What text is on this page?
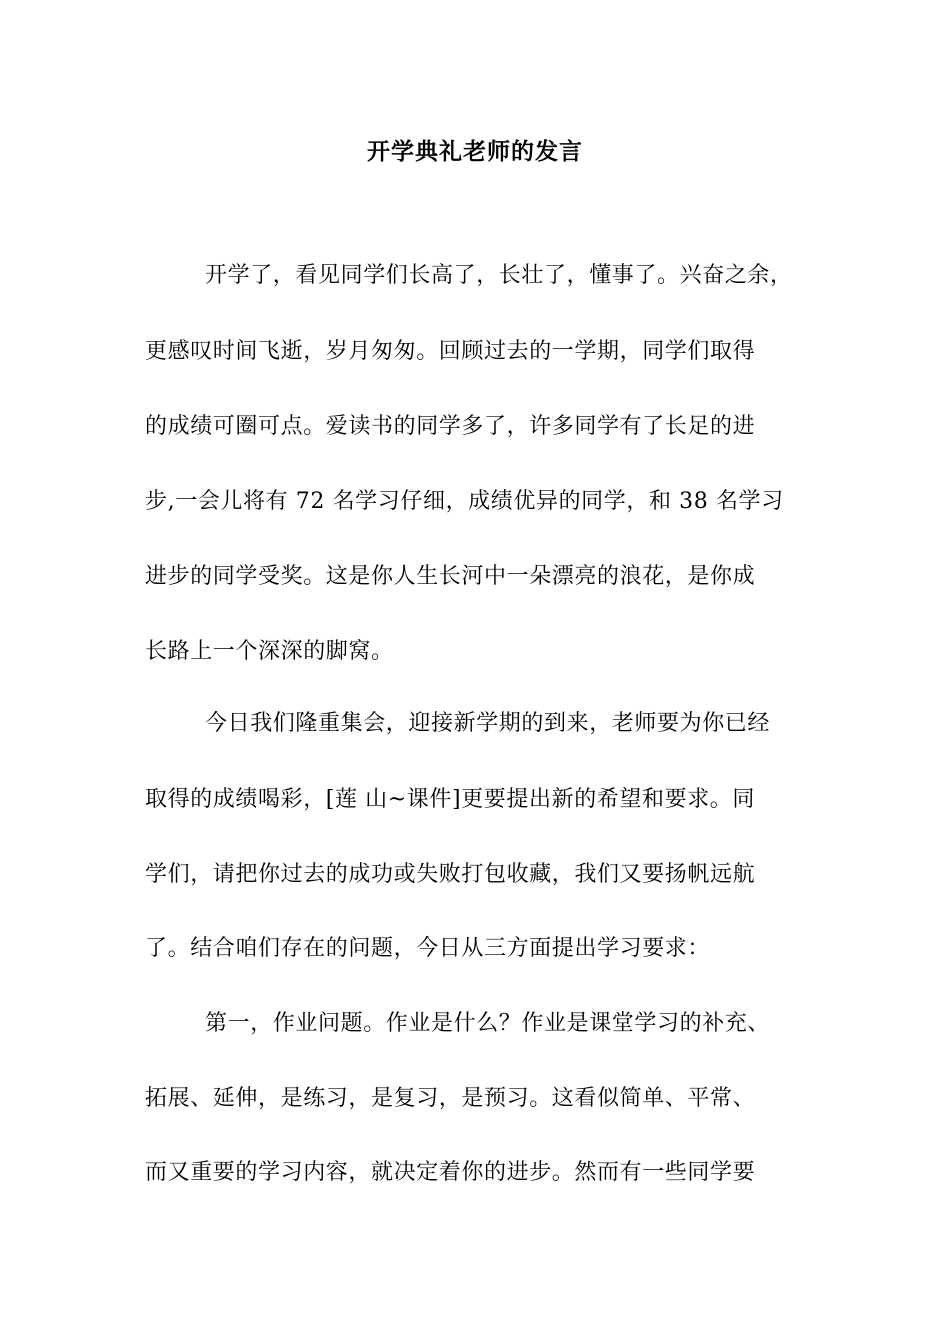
开学典礼老师的发言
开学了，看见同学们长高了，长壮了，懂事了。兴奋之余，
更感叹时间飞逝，岁月匆匆。回顾过去的一学期，同学们取得
的成绩可圈可点。爱读书的同学多了，许多同学有了长足的进
步,一会儿将有 72 名学习仔细，成绩优异的同学，和 38 名学习
进步的同学受奖。这是你人生长河中一朵漂亮的浪花，是你成
长路上一个深深的脚窝。
今日我们隆重集会，迎接新学期的到来，老师要为你已经
取得的成绩喝彩，[莲 山~课件]更要提出新的希望和要求。同
学们，请把你过去的成功或失败打包收藏，我们又要扬帆远航
了。结合咱们存在的问题，今日从三方面提出学习要求：
第一，作业问题。作业是什么？作业是课堂学习的补充、
拓展、延伸，是练习，是复习，是预习。这看似简单、平常、
而又重要的学习内容，就决定着你的进步。然而有一些同学要
